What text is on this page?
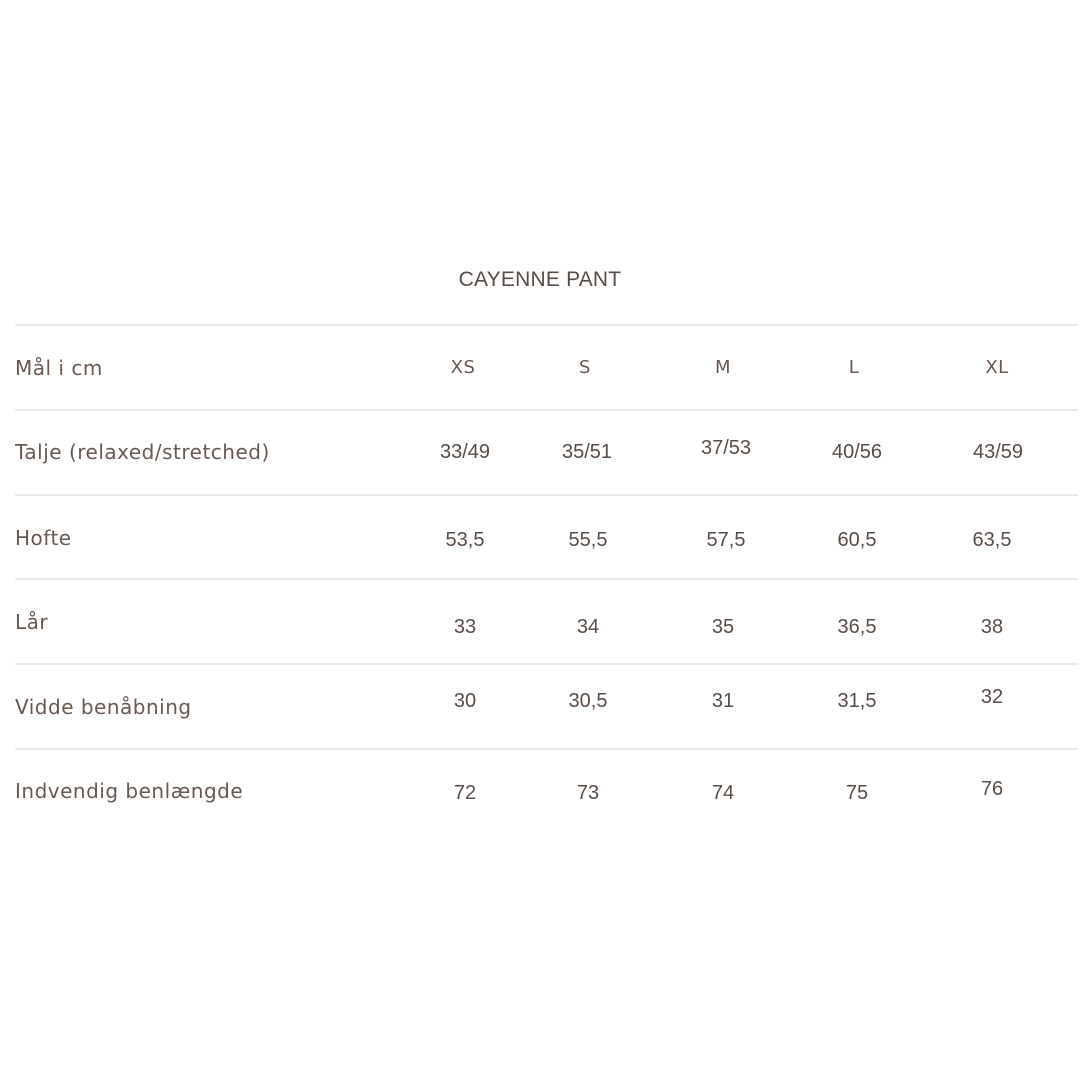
CAYENNE PANT
Mål i cm	XS	S	M	L	XL
Talje (relaxed/stretched)	33/49	35/51	37/53	40/56	43/59
Hofte	53,5	55,5	57,5	60,5	63,5
Lår	33	34	35	36,5	38
Vidde benåbning	30	30,5	31	31,5	32
Indvendig benlængde	72	73	74	75	76
